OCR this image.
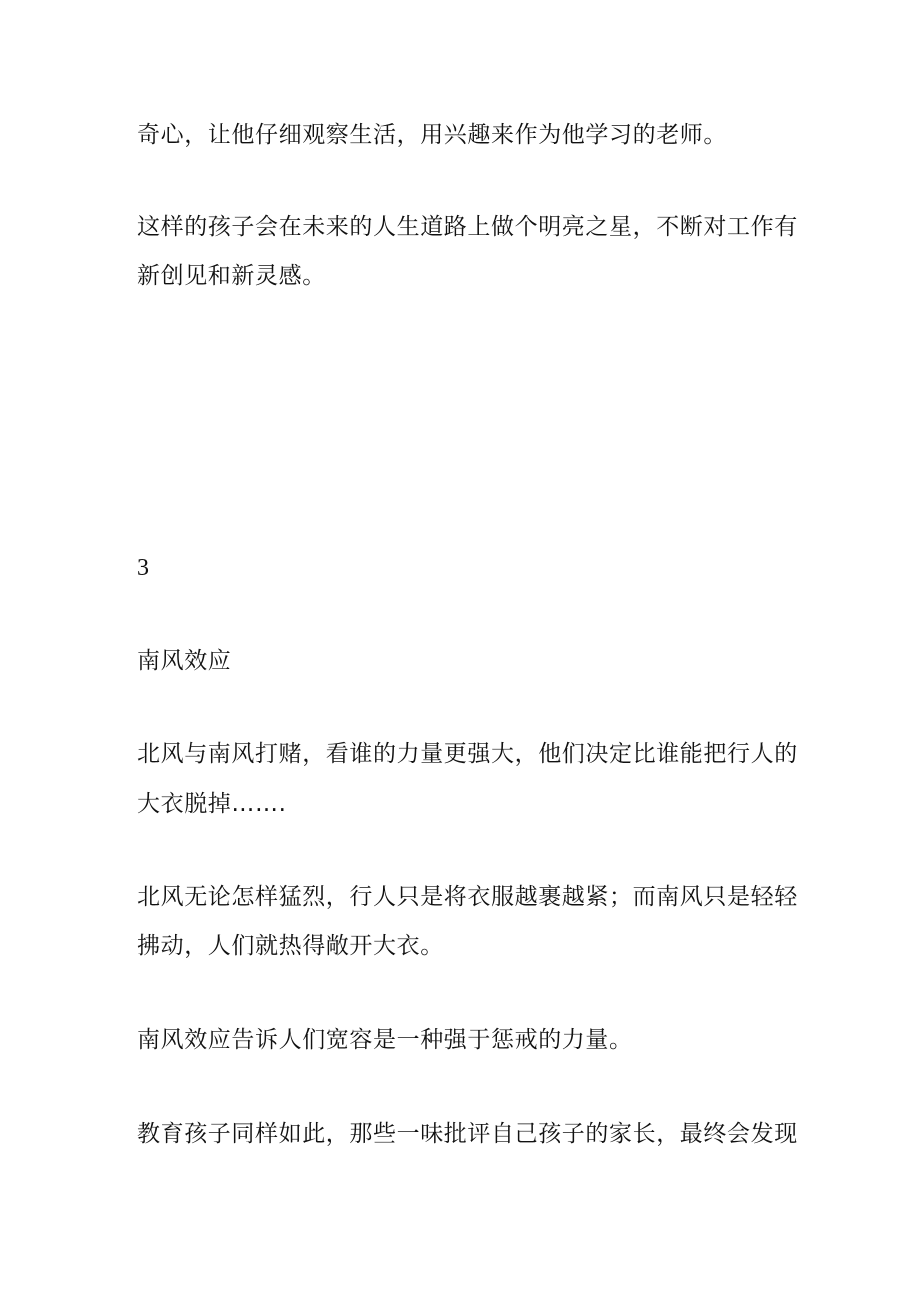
奇心，让他仔细观察生活，用兴趣来作为他学习的老师。
这样的孩子会在未来的人生道路上做个明亮之星，不断对工作有
新创见和新灵感。
3
南风效应
北风与南风打赌，看谁的力量更强大，他们决定比谁能把行人的
大衣脱掉…….
北风无论怎样猛烈，行人只是将衣服越裹越紧；而南风只是轻轻
拂动，人们就热得敞开大衣。
南风效应告诉人们宽容是一种强于惩戒的力量。
教育孩子同样如此，那些一味批评自己孩子的家长，最终会发现
